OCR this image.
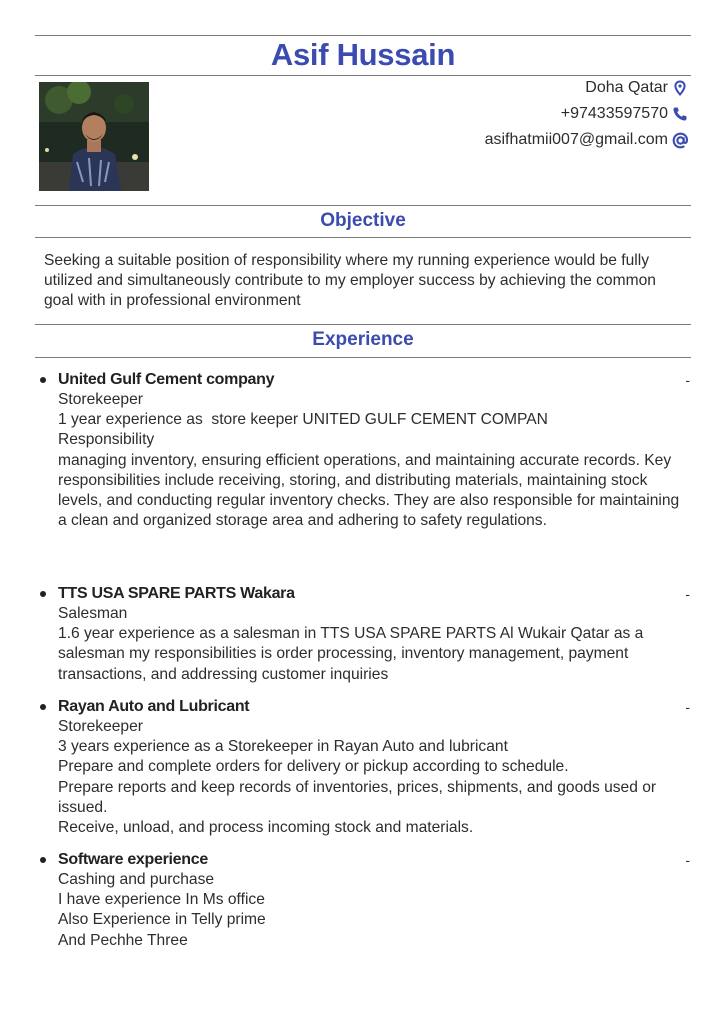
Asif Hussain
Doha Qatar
+97433597570
asifhatmii007@gmail.com
Objective
Seeking a suitable position of responsibility where my running experience would be fully utilized and simultaneously contribute to my employer success by achieving the common goal with in professional environment
Experience
-
United Gulf Cement company
Storekeeper
1 year experience as  store keeper UNITED GULF CEMENT COMPAN
Responsibility
managing inventory, ensuring efficient operations, and maintaining accurate records. Key responsibilities include receiving, storing, and distributing materials, maintaining stock levels, and conducting regular inventory checks. They are also responsible for maintaining a clean and organized storage area and adhering to safety regulations.
-
TTS USA SPARE PARTS Wakara
Salesman
1.6 year experience as a salesman in TTS USA SPARE PARTS Al Wukair Qatar as a salesman my responsibilities is order processing, inventory management, payment transactions, and addressing customer inquiries
-
Rayan Auto and Lubricant
Storekeeper
3 years experience as a Storekeeper in Rayan Auto and lubricant
Prepare and complete orders for delivery or pickup according to schedule.
Prepare reports and keep records of inventories, prices, shipments, and goods used or issued.
Receive, unload, and process incoming stock and materials.
-
Software experience
Cashing and purchase
I have experience In Ms office
Also Experience in Telly prime
And Pechhe Three
